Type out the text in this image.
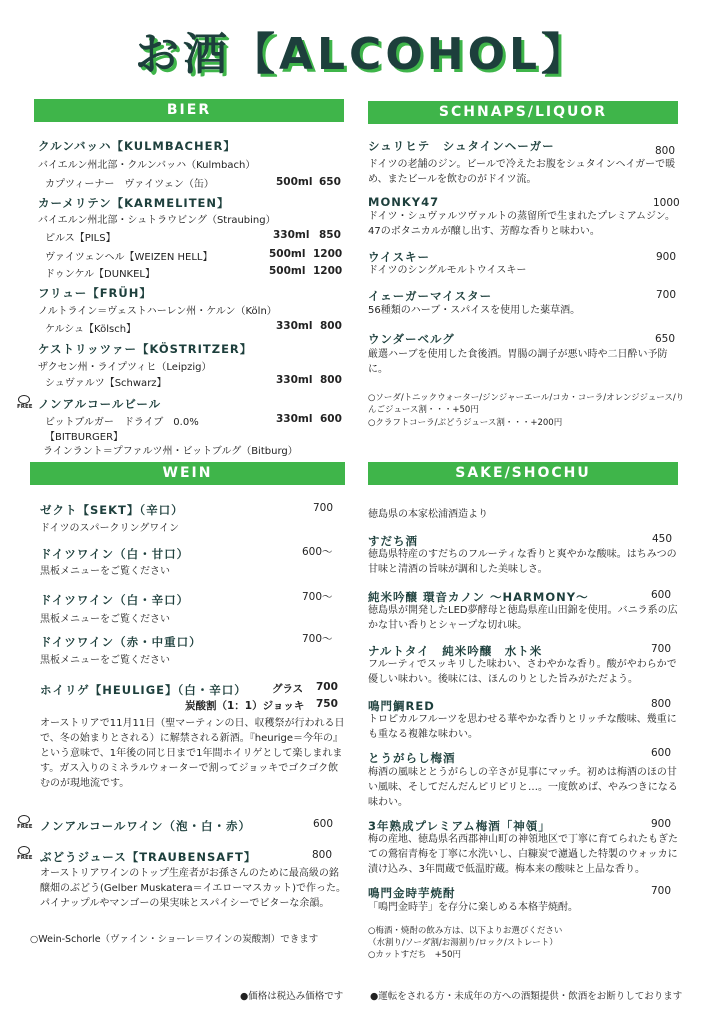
お酒【ALCOHOL】
BIER
クルンバッハ【KULMBACHER】
バイエルン州北部・クルンバッハ（Kulmbach）
カプツィーナー　ヴァイツェン（缶）	500ml 650
カーメリテン【KARMELITEN】
バイエルン州北部・シュトラウビング（Straubing）
ピルス【PILS】	330ml 850
ヴァイツェンヘル【WEIZEN HELL】	500ml 1200
ドゥンケル【DUNKEL】	500ml 1200
フリュー【FRÜH】
ノルトライン＝ヴェストハーレン州・ケルン（Köln）
ケルシュ【Kölsch】	330ml 800
ケストリッツァー【KÖSTRITZER】
ザクセン州・ライプツィヒ（Leipzig）
シュヴァルツ【Schwarz】	330ml 800
FREE ノンアルコールビール
ビットブルガー　ドライブ　0.0%	330ml 600
【BITBURGER】
ラインラント＝プファルツ州・ビットブルグ（Bitburg）
SCHNAPS/LIQUOR
シュリヒテ　シュタインヘーガー	800
ドイツの老舗のジン。ビールで冷えたお腹をシュタインヘイガーで暖め、またビールを飲むのがドイツ流。
MONKY47	1000
ドイツ・シュヴァルツヴァルトの蒸留所で生まれたプレミアムジン。47のボタニカルが醸し出す、芳醇な香りと味わい。
ウイスキー	900
ドイツのシングルモルトウイスキー
イェーガーマイスター	700
56種類のハーブ・スパイスを使用した薬草酒。
ウンダーベルグ	650
厳選ハーブを使用した食後酒。胃腸の調子が悪い時や二日酔い予防に。
○ソーダ/トニックウォーター/ジンジャーエール/コカ・コーラ/オレンジジュース/りんごジュース割・・・+50円
○クラフトコーラ/ぶどうジュース割・・・+200円
WEIN
ゼクト【SEKT】（辛口）	700
ドイツのスパークリングワイン
ドイツワイン（白・甘口）	600～
黒板メニューをご覧ください
ドイツワイン（白・辛口）	700～
黒板メニューをご覧ください
ドイツワイン（赤・中重口）	700～
黒板メニューをご覧ください
ホイリゲ【HEULIGE】（白・辛口） グラス 700
炭酸割（1：1）ジョッキ 750
オーストリアで11月11日（聖マーティンの日、収穫祭が行われる日で、冬の始まりとされる）に解禁される新酒。『heurige＝今年の』という意味で、1年後の同じ日まで1年間ホイリゲとして楽しまれます。ガス入りのミネラルウォーターで割ってジョッキでゴクゴク飲むのが現地流です。
FREE ノンアルコールワイン（泡・白・赤）	600
FREE ぶどうジュース【TRAUBENSAFT】	800
オーストリアワインのトップ生産者がお孫さんのために最高級の銘醸畑のぶどう(Gelber Muskatera＝イエローマスカット)で作った。パイナップルやマンゴーの果実味とスパイシーでビターな余韻。
○Wein-Schorle（ヴァイン・ショーレ＝ワインの炭酸割）できます
SAKE/SHOCHU
徳島県の本家松浦酒造より
すだち酒	450
徳島県特産のすだちのフルーティな香りと爽やかな酸味。はちみつの甘味と清酒の旨味が調和した美味しさ。
純米吟醸 環音カノン ～HARMONY～	600
徳島県が開発したLED夢酵母と徳島県産山田錦を使用。バニラ系の広かな甘い香りとシャープな切れ味。
ナルトタイ　純米吟醸　水ト米	700
フルーティでスッキリした味わい、さわやかな香り。酸がやわらかで優しい味わい。後味には、ほんのりとした旨みがただよう。
鳴門鯛RED	800
トロピカルフルーツを思わせる華やかな香りとリッチな酸味、幾重にも重なる複雑な味わい。
とうがらし梅酒	600
梅酒の風味ととうがらしの辛さが見事にマッチ。初めは梅酒のほの甘い風味、そしてだんだんピリピリと…。一度飲めば、やみつきになる味わい。
3年熟成プレミアム梅酒「神領」	900
梅の産地、徳島県名西郡神山町の神領地区で丁寧に育てられたもぎたての鶯宿青梅を丁寧に水洗いし、白糠炭で濾過した特製のウォッカに漬け込み、3年間蔵で低温貯蔵。梅本来の酸味と上品な香り。
鳴門金時芋焼酎	700
「鳴門金時芋」を存分に楽しめる本格芋焼酎。
○梅酒・焼酎の飲み方は、以下よりお選びください
（水割り/ソーダ割/お湯割り/ロック/ストレート）
○カットすだち　+50円
●価格は税込み価格です	●運転をされる方・未成年の方への酒類提供・飲酒をお断りしております
